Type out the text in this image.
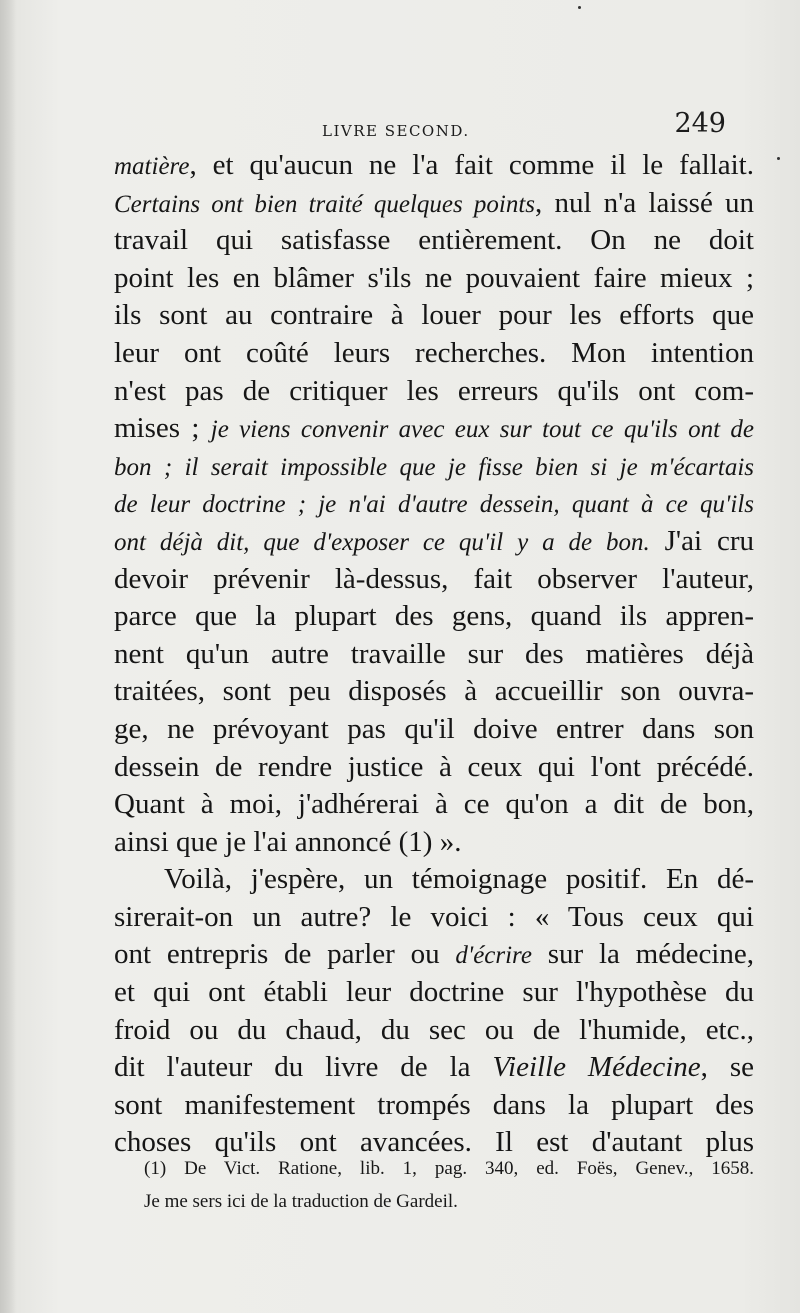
LIVRE SECOND.	249
matière, et qu'aucun ne l'a fait comme il le fallait.
Certains ont bien traité quelques points, nul n'a laissé un
travail qui satisfasse entièrement. On ne doit
point les en blâmer s'ils ne pouvaient faire mieux ;
ils sont au contraire à louer pour les efforts que
leur ont coûté leurs recherches. Mon intention
n'est pas de critiquer les erreurs qu'ils ont com-
mises ; je viens convenir avec eux sur tout ce qu'ils ont de
bon ; il serait impossible que je fisse bien si je m'écartais
de leur doctrine ; je n'ai d'autre dessein, quant à ce qu'ils
ont déjà dit, que d'exposer ce qu'il y a de bon. J'ai cru
devoir prévenir là-dessus, fait observer l'auteur,
parce que la plupart des gens, quand ils appren-
nent qu'un autre travaille sur des matières déjà
traitées, sont peu disposés à accueillir son ouvra-
ge, ne prévoyant pas qu'il doive entrer dans son
dessein de rendre justice à ceux qui l'ont précédé.
Quant à moi, j'adhérerai à ce qu'on a dit de bon,
ainsi que je l'ai annoncé (1) ».
Voilà, j'espère, un témoignage positif. En dé-
sirerait-on un autre? le voici : « Tous ceux qui
ont entrepris de parler ou d'écrire sur la médecine,
et qui ont établi leur doctrine sur l'hypothèse du
froid ou du chaud, du sec ou de l'humide, etc.,
dit l'auteur du livre de la Vieille Médecine, se
sont manifestement trompés dans la plupart des
choses qu'ils ont avancées. Il est d'autant plus
(1) De Vict. Ratione, lib. 1, pag. 340, ed. Foës, Genev., 1658.
Je me sers ici de la traduction de Gardeil.
